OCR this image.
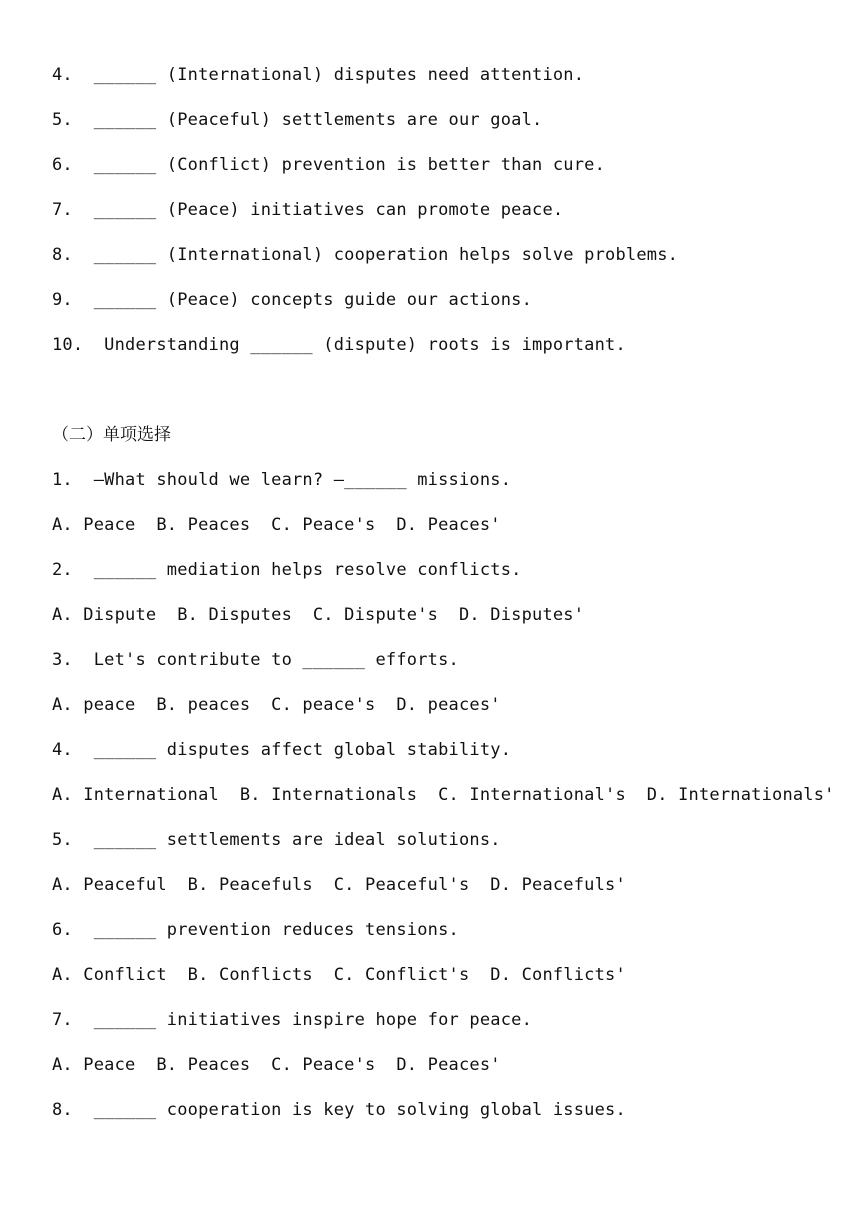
4.  ______ (International) disputes need attention.
5.  ______ (Peaceful) settlements are our goal.
6.  ______ (Conflict) prevention is better than cure.
7.  ______ (Peace) initiatives can promote peace.
8.  ______ (International) cooperation helps solve problems.
9.  ______ (Peace) concepts guide our actions.
10.  Understanding ______ (dispute) roots is important.
（二）单项选择
1.  —What should we learn? —______ missions.
A. Peace  B. Peaces  C. Peace's  D. Peaces'
2.  ______ mediation helps resolve conflicts.
A. Dispute  B. Disputes  C. Dispute's  D. Disputes'
3.  Let's contribute to ______ efforts.
A. peace  B. peaces  C. peace's  D. peaces'
4.  ______ disputes affect global stability.
A. International  B. Internationals  C. International's  D. Internationals'
5.  ______ settlements are ideal solutions.
A. Peaceful  B. Peacefuls  C. Peaceful's  D. Peacefuls'
6.  ______ prevention reduces tensions.
A. Conflict  B. Conflicts  C. Conflict's  D. Conflicts'
7.  ______ initiatives inspire hope for peace.
A. Peace  B. Peaces  C. Peace's  D. Peaces'
8.  ______ cooperation is key to solving global issues.
